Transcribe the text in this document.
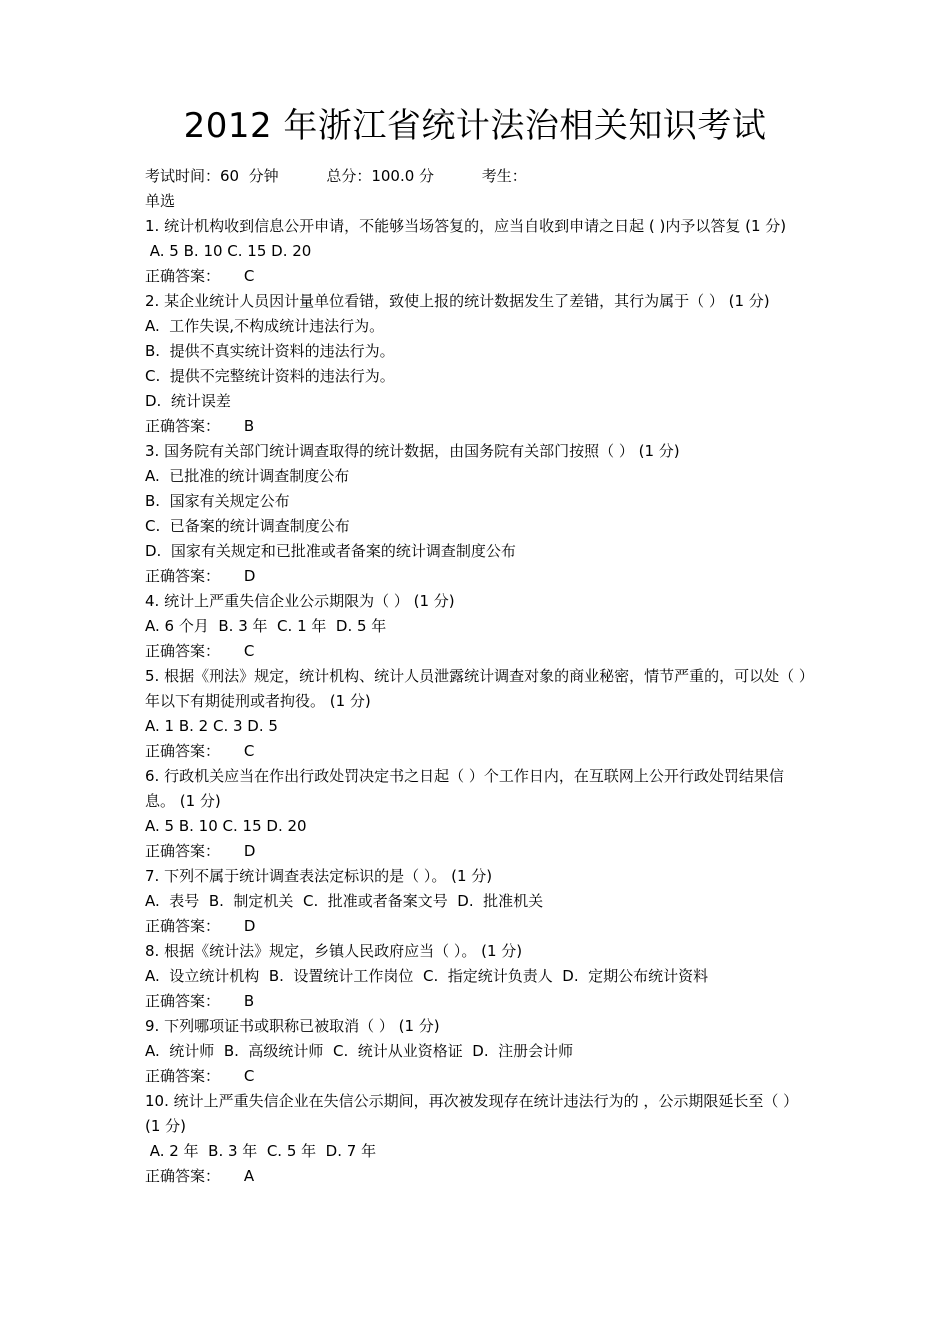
2012 年浙江省统计法治相关知识考试
考试时间：60  分钟	总分：100.0 分	考生：
单选
1. 统计机构收到信息公开申请，不能够当场答复的，应当自收到申请之日起 ( )内予以答复 (1 分)
A. 5 B. 10 C. 15 D. 20
正确答案： C
2. 某企业统计人员因计量单位看错，致使上报的统计数据发生了差错，其行为属于（ ） (1 分)
A.  工作失误,不构成统计违法行为。
B.  提供不真实统计资料的违法行为。
C.  提供不完整统计资料的违法行为。
D.  统计误差
正确答案： B
3. 国务院有关部门统计调查取得的统计数据，由国务院有关部门按照（ ） (1 分)
A.  已批准的统计调查制度公布
B.  国家有关规定公布
C.  已备案的统计调查制度公布
D.  国家有关规定和已批准或者备案的统计调查制度公布
正确答案： D
4. 统计上严重失信企业公示期限为（ ） (1 分)
A. 6 个月  B. 3 年  C. 1 年  D. 5 年
正确答案： C
5. 根据《刑法》规定，统计机构、统计人员泄露统计调查对象的商业秘密，情节严重的，可以处（ ）年以下有期徒刑或者拘役。 (1 分)
A. 1 B. 2 C. 3 D. 5
正确答案： C
6. 行政机关应当在作出行政处罚决定书之日起（ ）个工作日内，在互联网上公开行政处罚结果信息。 (1 分)
A. 5 B. 10 C. 15 D. 20
正确答案： D
7. 下列不属于统计调查表法定标识的是（ ）。 (1 分)
A.  表号  B.  制定机关  C.  批准或者备案文号  D.  批准机关
正确答案： D
8. 根据《统计法》规定，乡镇人民政府应当（ ）。 (1 分)
A.  设立统计机构  B.  设置统计工作岗位  C.  指定统计负责人  D.  定期公布统计资料
正确答案： B
9. 下列哪项证书或职称已被取消（ ） (1 分)
A.  统计师  B.  高级统计师  C.  统计从业资格证  D.  注册会计师
正确答案： C
10. 统计上严重失信企业在失信公示期间，再次被发现存在统计违法行为的 ，公示期限延长至（ ） (1 分)
A. 2 年  B. 3 年  C. 5 年  D. 7 年
正确答案： A
